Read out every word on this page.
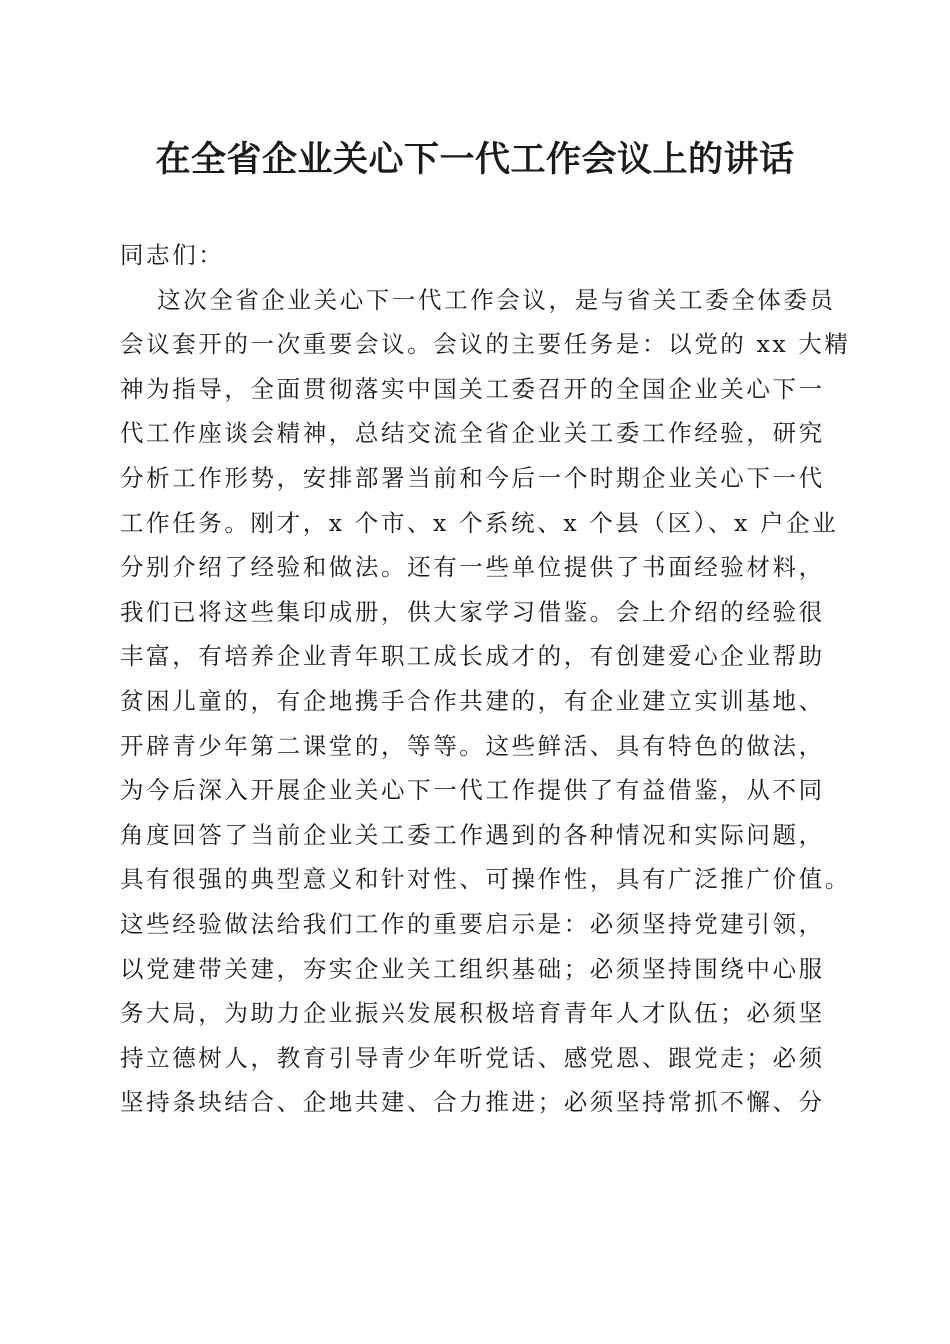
在全省企业关心下一代工作会议上的讲话
同志们：
这次全省企业关心下一代工作会议，是与省关工委全体委员
会议套开的一次重要会议。会议的主要任务是：以党的 xx 大精
神为指导，全面贯彻落实中国关工委召开的全国企业关心下一
代工作座谈会精神，总结交流全省企业关工委工作经验，研究
分析工作形势，安排部署当前和今后一个时期企业关心下一代
工作任务。刚才，x 个市、x 个系统、x 个县（区）、x 户企业
分别介绍了经验和做法。还有一些单位提供了书面经验材料，
我们已将这些集印成册，供大家学习借鉴。会上介绍的经验很
丰富，有培养企业青年职工成长成才的，有创建爱心企业帮助
贫困儿童的，有企地携手合作共建的，有企业建立实训基地、
开辟青少年第二课堂的，等等。这些鲜活、具有特色的做法，
为今后深入开展企业关心下一代工作提供了有益借鉴，从不同
角度回答了当前企业关工委工作遇到的各种情况和实际问题，
具有很强的典型意义和针对性、可操作性，具有广泛推广价值。
这些经验做法给我们工作的重要启示是：必须坚持党建引领，
以党建带关建，夯实企业关工组织基础；必须坚持围绕中心服
务大局，为助力企业振兴发展积极培育青年人才队伍；必须坚
持立德树人，教育引导青少年听党话、感党恩、跟党走；必须
坚持条块结合、企地共建、合力推进；必须坚持常抓不懈、分
